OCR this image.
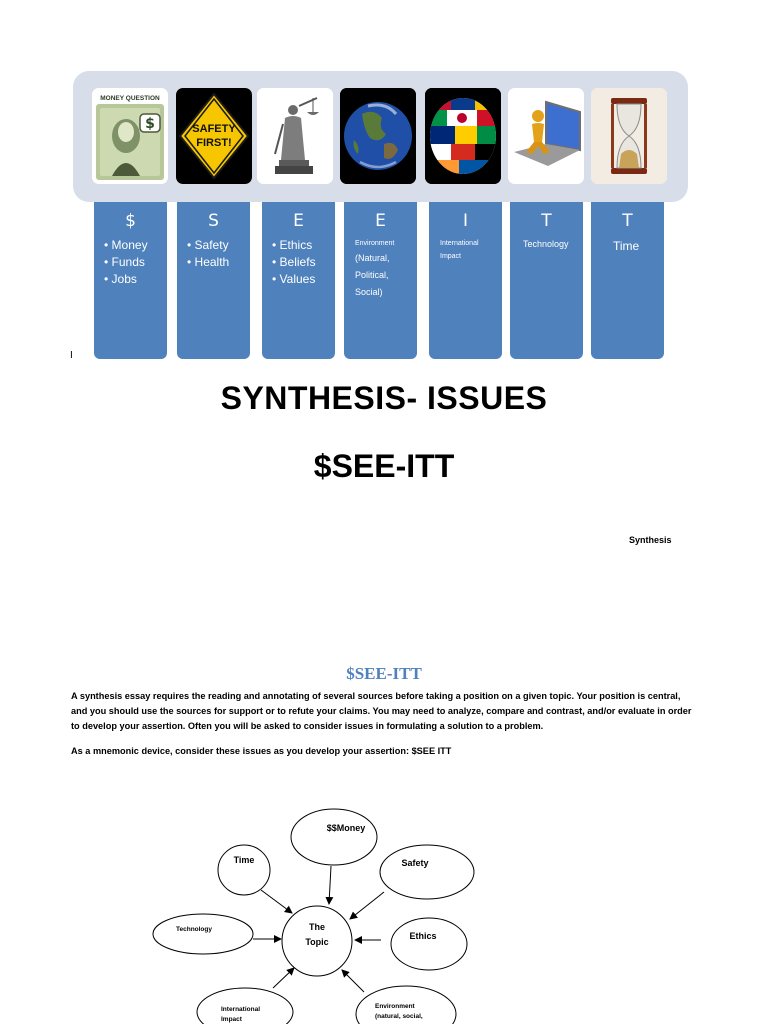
MONEY QUESTION
$	SAFETY
FIRST!
$
• Money
• Funds
• Jobs
S
• Safety
• Health
E
• Ethics
• Beliefs
• Values
E
Environment
(Natural,
Political,
Social)
I
International
Impact
T
Technology
T
Time
I
SYNTHESIS- ISSUES
$SEE-ITT
Synthesis
$SEE-ITT

A synthesis essay requires the reading and annotating of several sources before taking a position on a given topic. Your position is central, and you should use the sources for support or to refute your claims. You may need to analyze, compare and contrast, and/or evaluate in order to develop your assertion. Often you will be asked to consider issues in formulating a solution to a problem.

As a mnemonic device, consider these issues as you develop your assertion: $SEE ITT

The
Topic
$$Money
Time	Safety
Technology
Ethics
International
Impact
Environment
(natural, social,
